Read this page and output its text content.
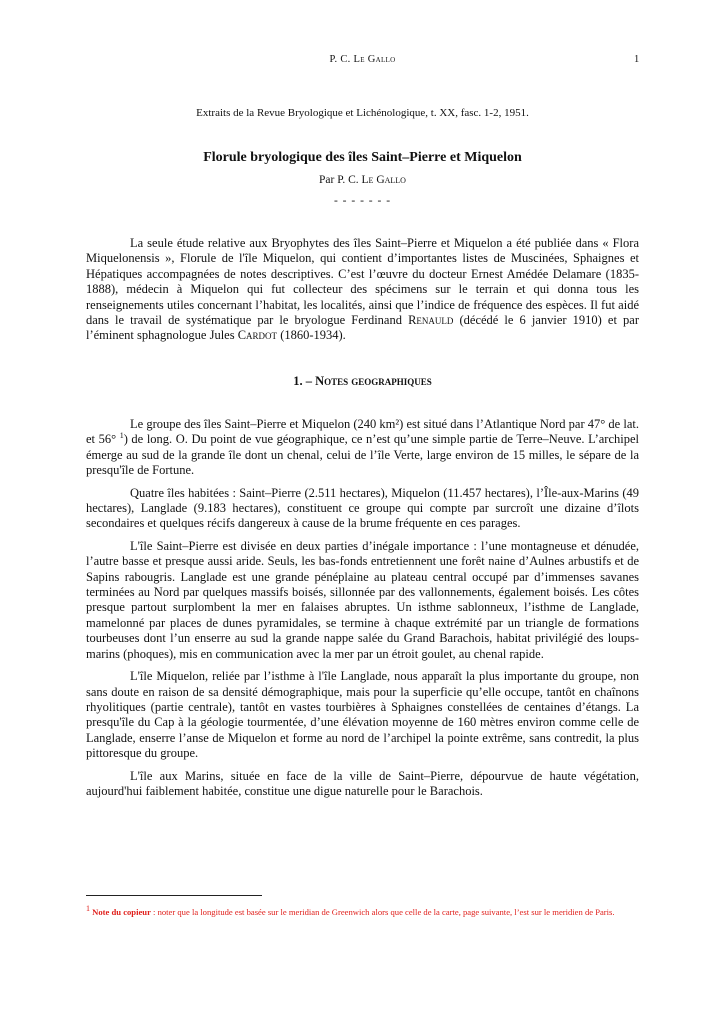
P. C. Le Gallo	1
Extraits de la Revue Bryologique et Lichénologique, t. XX, fasc. 1-2, 1951.
Florule bryologique des îles Saint–Pierre et Miquelon
Par P. C. Le Gallo
- - - - - - -

La seule étude relative aux Bryophytes des îles Saint–Pierre et Miquelon a été publiée dans « Flora Miquelonensis », Florule de l'île Miquelon, qui contient d’importantes listes de Muscinées, Sphaignes et Hépatiques accompagnées de notes descriptives. C’est l’œuvre du docteur Ernest Amédée Delamare (1835-1888), médecin à Miquelon qui fut collecteur des spécimens sur le terrain et qui donna tous les renseignements utiles concernant l’habitat, les localités, ainsi que l’indice de fréquence des espèces. Il fut aidé dans le travail de systématique par le bryologue Ferdinand Renauld (décédé le 6 janvier 1910) et par l’éminent sphagnologue Jules Cardot (1860-1934).

1. – Notes geographiques

Le groupe des îles Saint–Pierre et Miquelon (240 km²) est situé dans l’Atlantique Nord par 47° de lat. et 56° $^1$) de long. O. Du point de vue géographique, ce n’est qu’une simple partie de Terre–Neuve. L’archipel émerge au sud de la grande île dont un chenal, celui de l’île Verte, large environ de 15 milles, le sépare de la presqu'île de Fortune.

Quatre îles habitées : Saint–Pierre (2.511 hectares), Miquelon (11.457 hectares), l’Île-aux-Marins (49 hectares), Langlade (9.183 hectares), constituent ce groupe qui compte par surcroît une dizaine d’îlots secondaires et quelques récifs dangereux à cause de la brume fréquente en ces parages.

L'île Saint–Pierre est divisée en deux parties d’inégale importance : l’une montagneuse et dénudée, l’autre basse et presque aussi aride. Seuls, les bas-fonds entretiennent une forêt naine d’Aulnes arbustifs et de Sapins rabougris. Langlade est une grande pénéplaine au plateau central occupé par d’immenses savanes terminées au Nord par quelques massifs boisés, sillonnée par des vallonnements, également boisés. Les côtes presque partout surplombent la mer en falaises abruptes. Un isthme sablonneux, l’isthme de Langlade, mamelonné par places de dunes pyramidales, se termine à chaque extrémité par un triangle de formations tourbeuses dont l’un enserre au sud la grande nappe salée du Grand Barachois, habitat privilégié des loups-marins (phoques), mis en communication avec la mer par un étroit goulet, au chenal rapide.

L'île Miquelon, reliée par l’isthme à l'île Langlade, nous apparaît la plus importante du groupe, non sans doute en raison de sa densité démographique, mais pour la superficie qu’elle occupe, tantôt en chaînons rhyolitiques (partie centrale), tantôt en vastes tourbières à Sphaignes constellées de centaines d’étangs. La presqu'île du Cap à la géologie tourmentée, d’une élévation moyenne de 160 mètres environ comme celle de Langlade, enserre l’anse de Miquelon et forme au nord de l’archipel la pointe extrême, sans contredit, la plus pittoresque du groupe.

L'île aux Marins, située en face de la ville de Saint–Pierre, dépourvue de haute végétation, aujourd'hui faiblement habitée, constitue une digue naturelle pour le Barachois.

$^1$ Note du copieur : noter que la longitude est basée sur le meridian de Greenwich alors que celle de la carte, page suivante, l’est sur le meridien de Paris.
